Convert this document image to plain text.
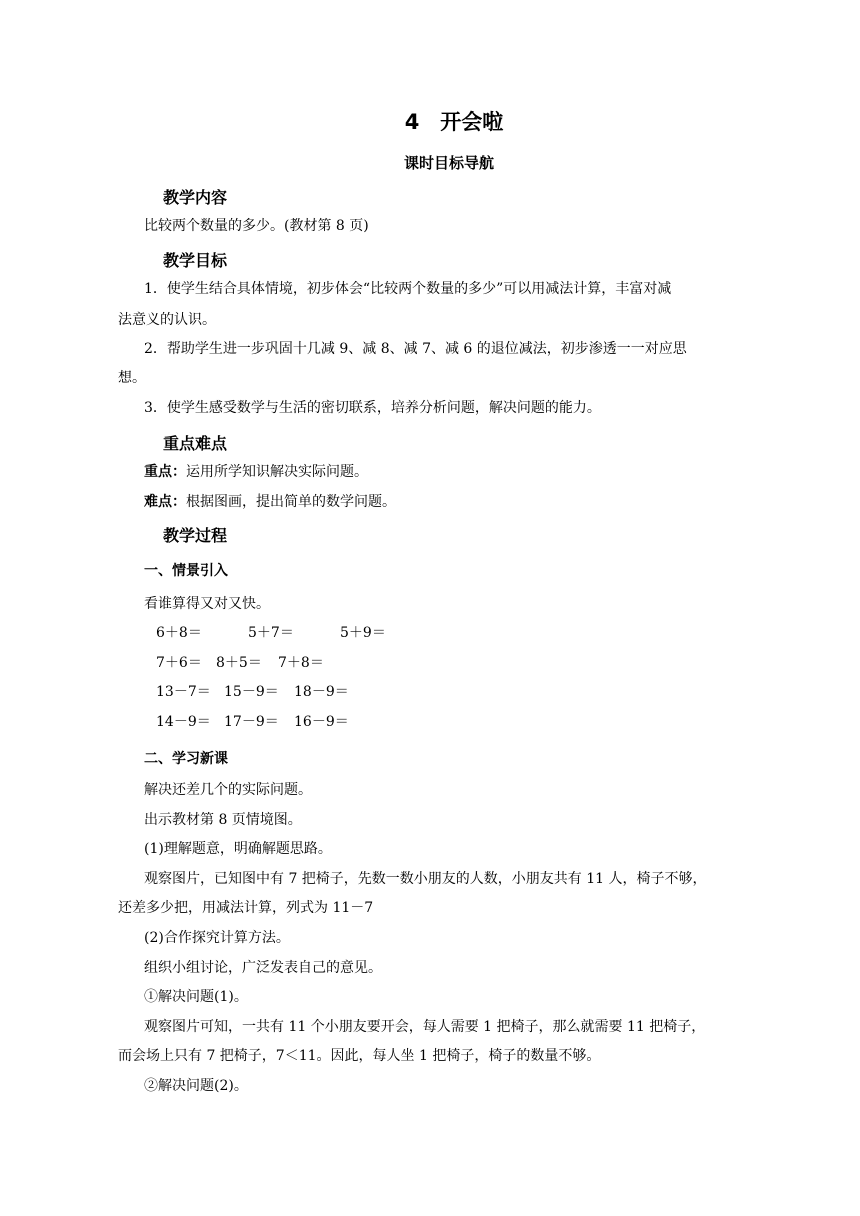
4　开会啦
课时目标导航
教学内容
比较两个数量的多少。(教材第 8 页)
教学目标
1．使学生结合具体情境，初步体会“比较两个数量的多少”可以用减法计算，丰富对减
法意义的认识。
2．帮助学生进一步巩固十几减 9、减 8、减 7、减 6 的退位减法，初步渗透一一对应思
想。
3．使学生感受数学与生活的密切联系，培养分析问题，解决问题的能力。
重点难点
重点：运用所学知识解决实际问题。
难点：根据图画，提出简单的数学问题。
教学过程
一、情景引入
看谁算得又对又快。
6＋8＝	5＋7＝	5＋9＝
7＋6＝ 8＋5＝ 7＋8＝
13－7＝ 15－9＝ 18－9＝
14－9＝ 17－9＝ 16－9＝
二、学习新课
解决还差几个的实际问题。
出示教材第 8 页情境图。
(1)理解题意，明确解题思路。
观察图片，已知图中有 7 把椅子，先数一数小朋友的人数，小朋友共有 11 人，椅子不够，
还差多少把，用减法计算，列式为 11－7
(2)合作探究计算方法。
组织小组讨论，广泛发表自己的意见。
①解决问题(1)。
观察图片可知，一共有 11 个小朋友要开会，每人需要 1 把椅子，那么就需要 11 把椅子，
而会场上只有 7 把椅子，7＜11。因此，每人坐 1 把椅子，椅子的数量不够。
②解决问题(2)。
